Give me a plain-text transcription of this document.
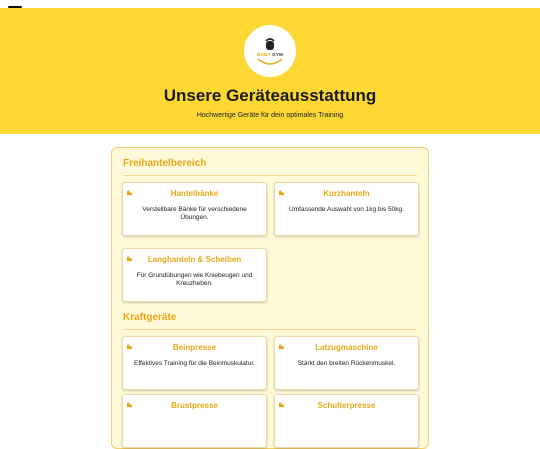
BODY GYM
Unsere Geräteausstattung
Hochwertige Geräte für dein optimales Training
Freihantelbereich
Hantelbänke
Verstellbare Bänke für verschiedene Übungen.
Kurzhanteln
Umfassende Auswahl von 1kg bis 50kg.
Langhanteln & Scheiben
Für Grundübungen wie Kniebeugen und Kreuzheben.
Kraftgeräte
Beinpresse
Effektives Training für die Beinmuskulatur.
Latzugmaschine
Stärkt den breiten Rückenmuskel.
Brustpresse	Schulterpresse
